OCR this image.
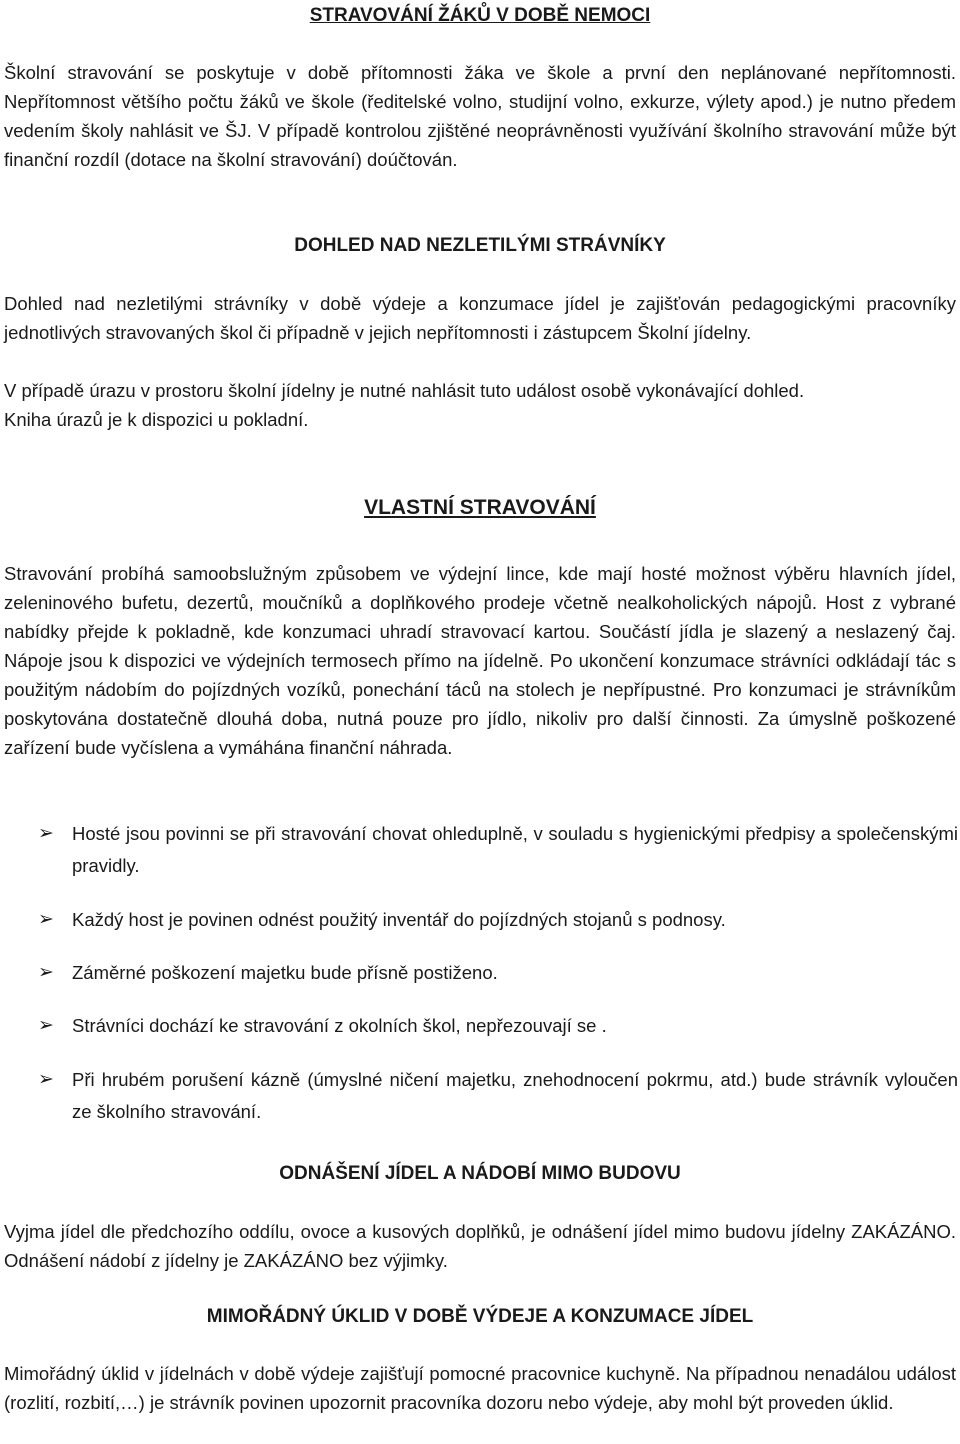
STRAVOVÁNÍ ŽÁKŮ V DOBĚ NEMOCI

Školní stravování se poskytuje v době přítomnosti žáka ve škole a první den neplánované nepřítomnosti. Nepřítomnost většího počtu žáků ve škole (ředitelské volno, studijní volno, exkurze, výlety apod.) je nutno předem vedením školy nahlásit ve ŠJ. V případě kontrolou zjištěné neoprávněnosti využívání školního stravování může být finanční rozdíl (dotace na školní stravování) doúčtován.

DOHLED NAD NEZLETILÝMI STRÁVNÍKY

Dohled nad nezletilými strávníky v době výdeje a konzumace jídel je zajišťován pedagogickými pracovníky jednotlivých stravovaných škol či případně v jejich nepřítomnosti i zástupcem Školní jídelny.

V případě úrazu v prostoru školní jídelny je nutné nahlásit tuto událost osobě vykonávající dohled.

Kniha úrazů je k dispozici u pokladní.

VLASTNÍ STRAVOVÁNÍ

Stravování probíhá samoobslužným způsobem ve výdejní lince, kde mají hosté možnost výběru hlavních jídel, zeleninového bufetu, dezertů, moučníků a doplňkového prodeje včetně nealkoholických nápojů. Host z vybrané nabídky přejde k pokladně, kde konzumaci uhradí stravovací kartou. Součástí jídla je slazený a neslazený čaj. Nápoje jsou k dispozici ve výdejních termosech přímo na jídelně. Po ukončení konzumace strávníci odkládají tác s použitým nádobím do pojízdných vozíků, ponechání táců na stolech je nepřípustné. Pro konzumaci je strávníkům poskytována dostatečně dlouhá doba, nutná pouze pro jídlo, nikoliv pro další činnosti. Za úmyslně poškozené zařízení bude vyčíslena a vymáhána finanční náhrada.

➢ Hosté jsou povinni se při stravování chovat ohleduplně, v souladu s hygienickými předpisy a společenskými pravidly.
➢ Každý host je povinen odnést použitý inventář do pojízdných stojanů s podnosy.
➢ Záměrné poškození majetku bude přísně postiženo.
➢ Strávníci dochází ke stravování z okolních škol, nepřezouvají se .
➢ Při hrubém porušení kázně (úmyslné ničení majetku, znehodnocení pokrmu, atd.) bude strávník vyloučen ze školního stravování.
ODNÁŠENÍ JÍDEL A NÁDOBÍ MIMO BUDOVU

Vyjma jídel dle předchozího oddílu, ovoce a kusových doplňků, je odnášení jídel mimo budovu jídelny ZAKÁZÁNO. Odnášení nádobí z jídelny je ZAKÁZÁNO bez výjimky.

MIMOŘÁDNÝ ÚKLID V DOBĚ VÝDEJE A KONZUMACE JÍDEL

Mimořádný úklid v jídelnách v době výdeje zajišťují pomocné pracovnice kuchyně. Na případnou nenadálou událost (rozlití, rozbití,…) je strávník povinen upozornit pracovníka dozoru nebo výdeje, aby mohl být proveden úklid.
